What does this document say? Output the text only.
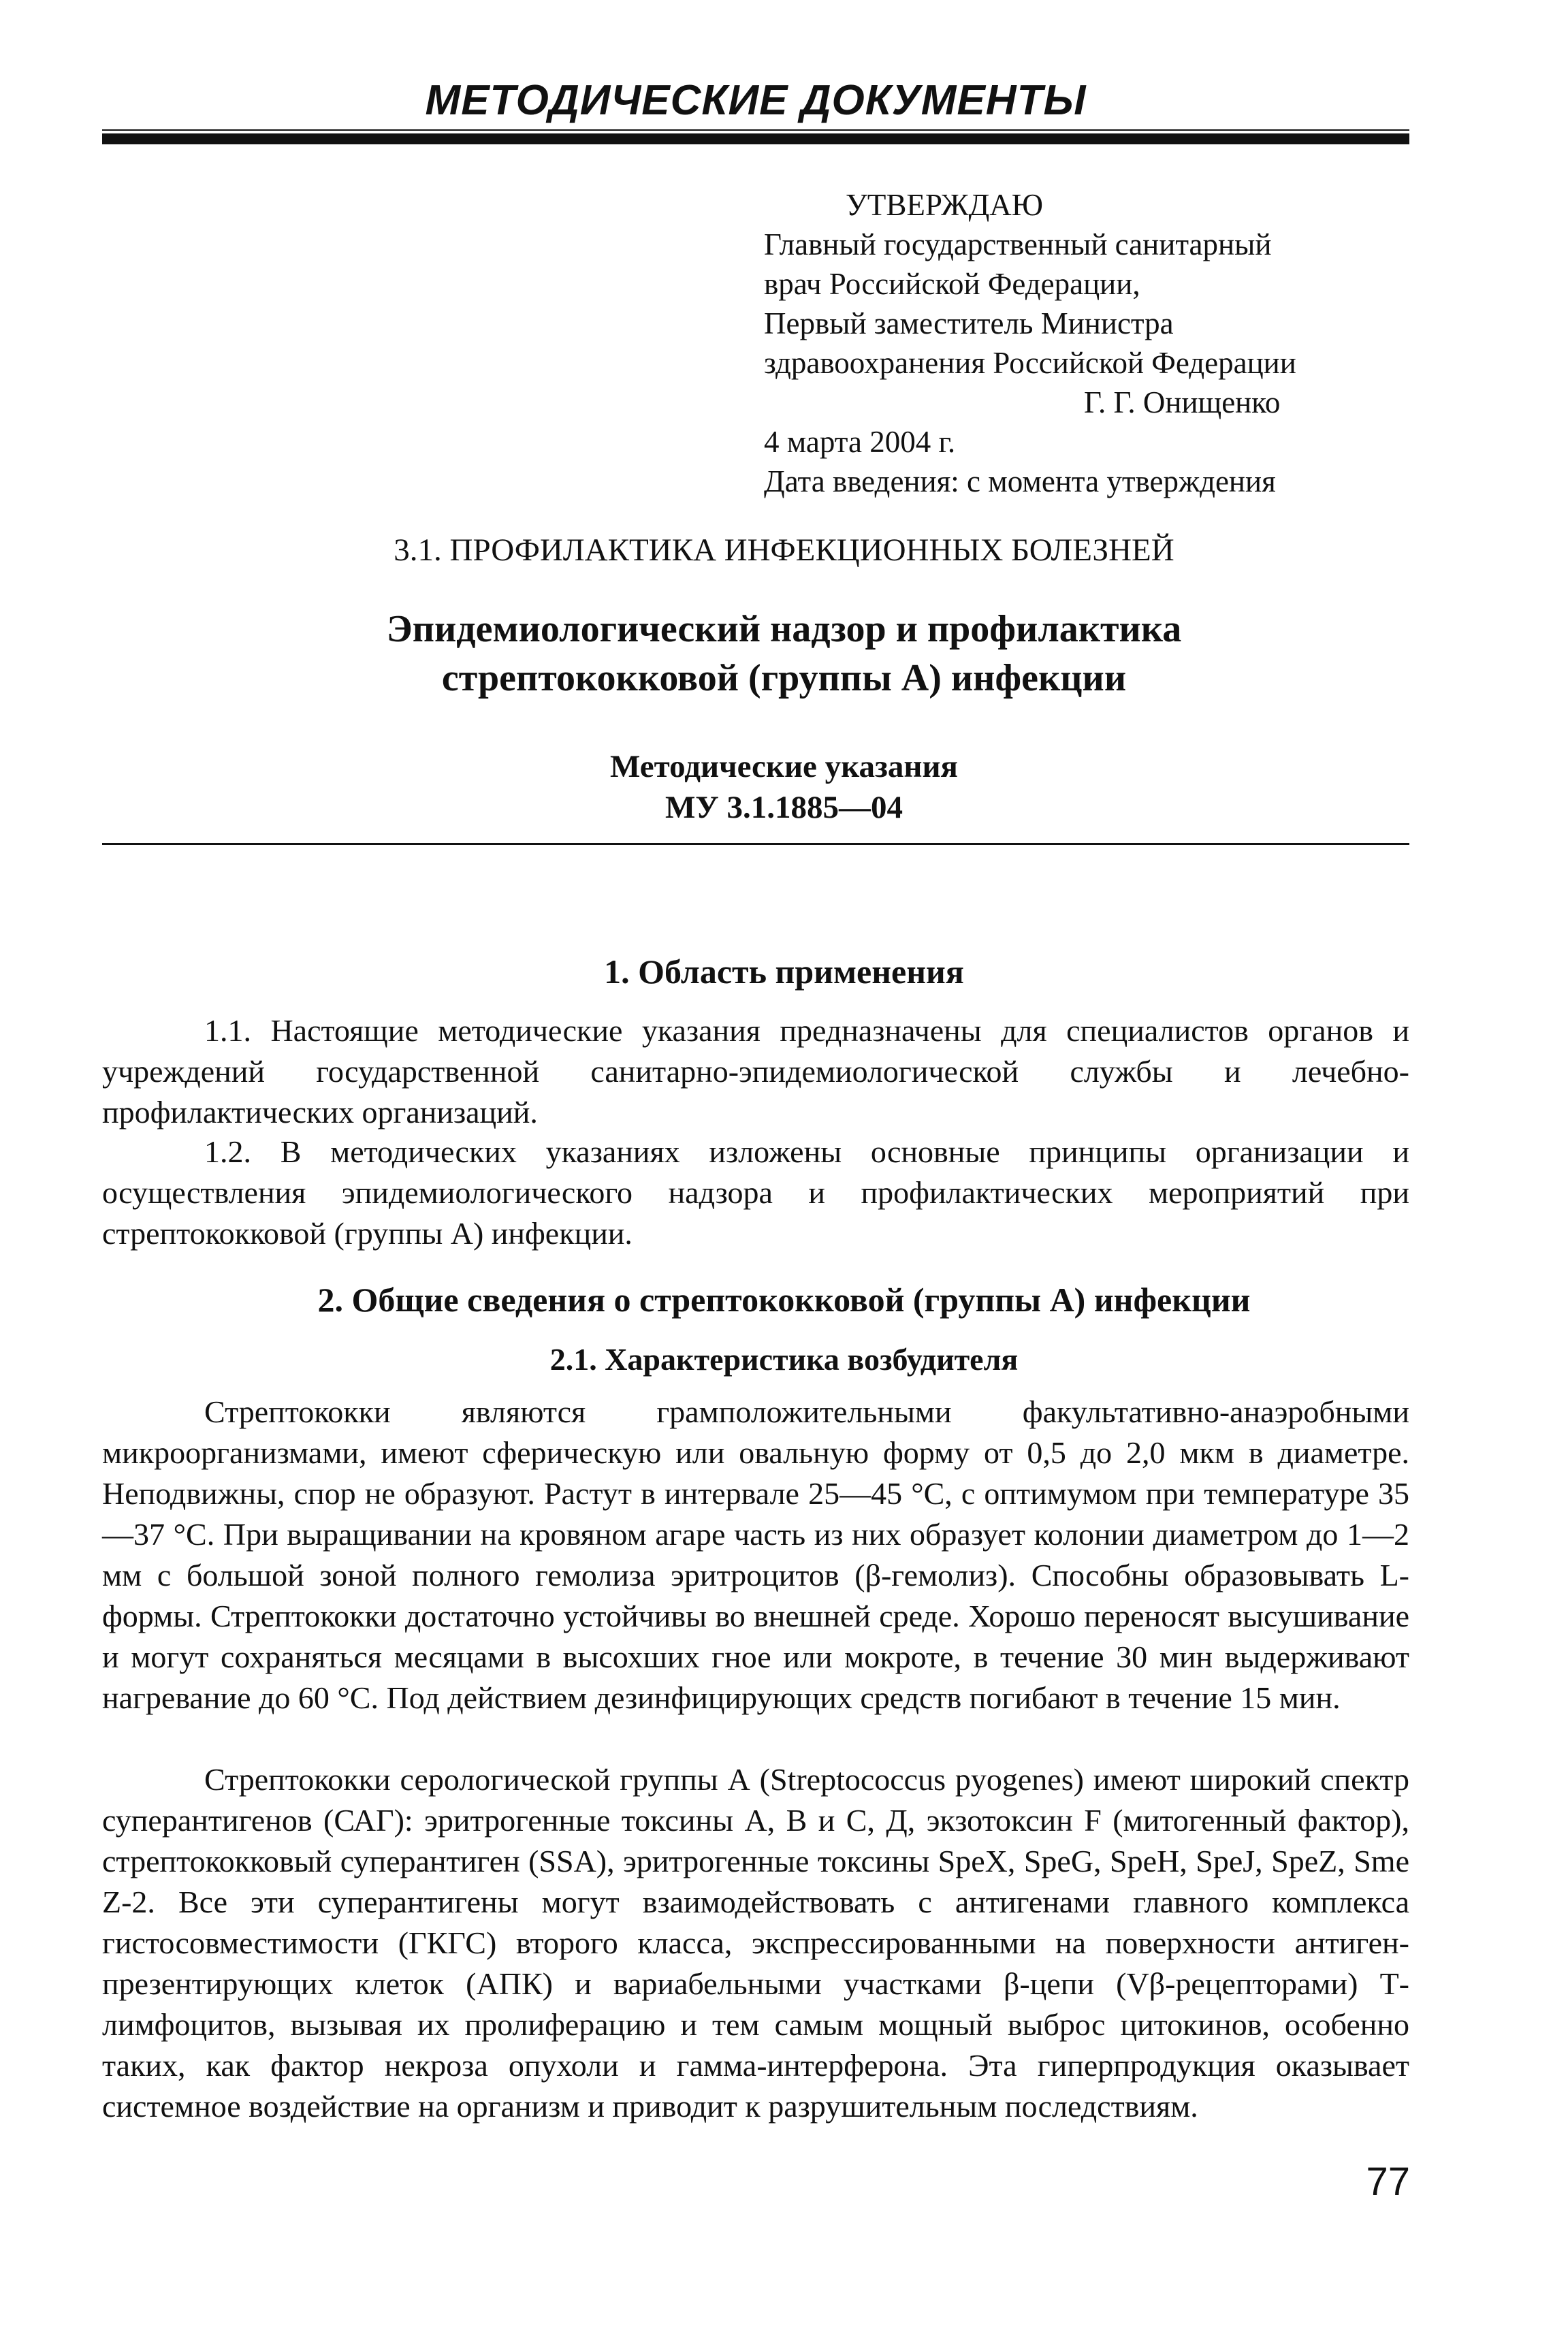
МЕТОДИЧЕСКИЕ ДОКУМЕНТЫ
УТВЕРЖДАЮ
Главный государственный санитарный
врач Российской Федерации,
Первый заместитель Министра
здравоохранения Российской Федерации
Г. Г. Онищенко
4 марта 2004 г.
Дата введения: с момента утверждения
3.1. ПРОФИЛАКТИКА ИНФЕКЦИОННЫХ БОЛЕЗНЕЙ
Эпидемиологический надзор и профилактика
стрептококковой (группы А) инфекции
Методические указания
МУ 3.1.1885—04
1. Область применения

1.1. Настоящие методические указания предназначены для специалистов органов и учреждений государственной санитарно-эпидемиологической службы и лечебно-профилактических организаций.

1.2. В методических указаниях изложены основные принципы организации и осуществления эпидемиологического надзора и профилактических мероприятий при стрептококковой (группы А) инфекции.

2. Общие сведения о стрептококковой (группы А) инфекции
2.1. Характеристика возбудителя

Стрептококки являются грамположительными факультативно-анаэробными микроорганизмами, имеют сферическую или овальную форму от 0,5 до 2,0 мкм в диаметре. Неподвижны, спор не образуют. Растут в интервале 25—45 °С, с оптимумом при температуре 35—37 °С. При выращивании на кровяном агаре часть из них образует колонии диаметром до 1—2 мм с большой зоной полного гемолиза эритроцитов (β-гемолиз). Способны образовывать L-формы. Стрептококки достаточно устойчивы во внешней среде. Хорошо переносят высушивание и могут сохраняться месяцами в высохших гное или мокроте, в течение 30 мин выдерживают нагревание до 60 °С. Под действием дезинфицирующих средств погибают в течение 15 мин.

Стрептококки серологической группы А (Streptococcus pyogenes) имеют широкий спектр суперантигенов (САГ): эритрогенные токсины А, В и С, Д, экзотоксин F (митогенный фактор), стрептококковый суперантиген (SSA), эритрогенные токсины SpeX, SpeG, SpeH, SpeJ, SpeZ, Sme Z-2. Все эти суперантигены могут взаимодействовать с антигенами главного комплекса гистосовместимости (ГКГС) второго класса, экспрессированными на поверхности антиген-презентирующих клеток (АПК) и вариабельными участками β-цепи (Vβ-рецепторами) Т-лимфоцитов, вызывая их пролиферацию и тем самым мощный выброс цитокинов, особенно таких, как фактор некроза опухоли и гамма-интерферона. Эта гиперпродукция оказывает системное воздействие на организм и приводит к разрушительным последствиям.

77
